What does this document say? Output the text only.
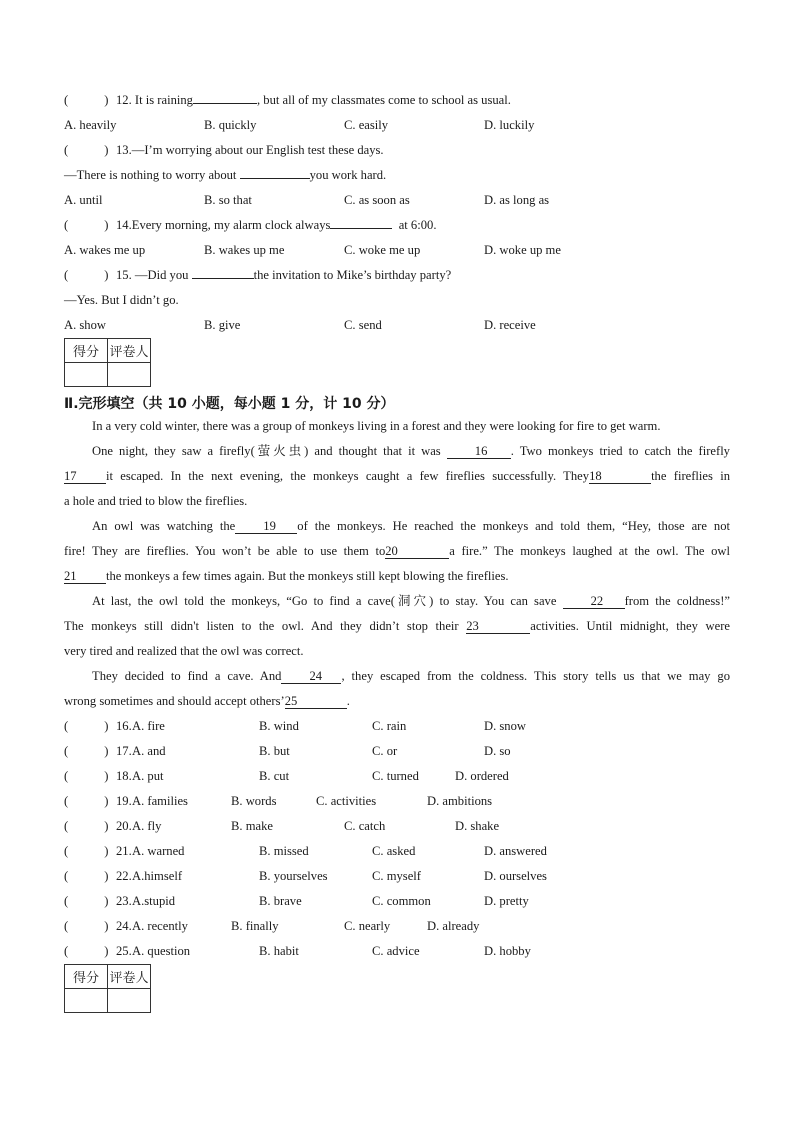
(	) 12. It is raining	, but all of my classmates come to school as usual.
A. heavily	B. quickly	C. easily	D. luckily
(	) 13.—I’m worrying about our English test these days.
—There is nothing to worry about	you work hard.
A. until	B. so that	C. as soon as	D. as long as
(	) 14.Every morning, my alarm clock always	at 6:00.
A. wakes me up	B. wakes up me	C. woke me up	D. woke up me
(	) 15. —Did you	the invitation to Mike’s birthday party?
—Yes. But I didn’t go.
A. show	B. give	C. send	D. receive
得分	评卷人

Ⅱ.完形填空（共 10 小题，每小题 1 分，计 10 分）
In a very cold winter, there was a group of monkeys living in a forest and they were looking for fire to get warm.
One night, they saw a firefly(萤火虫) and thought that it was	16 . Two monkeys tried to catch the firefly
17 it escaped. In the next evening, the monkeys caught a few fireflies successfully. They18	the fireflies in
a hole and tried to blow the fireflies.
An owl was watching the 19 of the monkeys. He reached the monkeys and told them, “Hey, those are not
fire! They are fireflies. You won’t be able to use them to20	a fire.” The monkeys laughed at the owl. The owl
21 the monkeys a few times again. But the monkeys still kept blowing the fireflies.
At last, the owl told the monkeys, “Go to find a cave(洞穴) to stay. You can save	22 from the coldness!”
The monkeys still didn't listen to the owl. And they didn’t stop their 23	activities. Until midnight, they were
very tired and realized that the owl was correct.
They decided to find a cave. And 24 , they escaped from the coldness. This story tells us that we may go
wrong sometimes and should accept others’25	.
(	) 16. A. fire	B. wind	C. rain	D. snow
(	) 17. A. and	B. but	C. or	D. so
(	) 18. A. put	B. cut	C. turned	D. ordered
(	) 19. A. families	B. words	C. activities	D. ambitions
(	) 20. A. fly	B. make	C. catch	D. shake
(	) 21. A. warned	B. missed	C. asked	D. answered
(	) 22. A.himself	B. yourselves	C. myself	D. ourselves
(	) 23. A.stupid	B. brave	C. common	D. pretty
(	) 24. A. recently	B. finally	C. nearly	D. already
(	) 25. A. question	B. habit	C. advice	D. hobby
得分	评卷人
